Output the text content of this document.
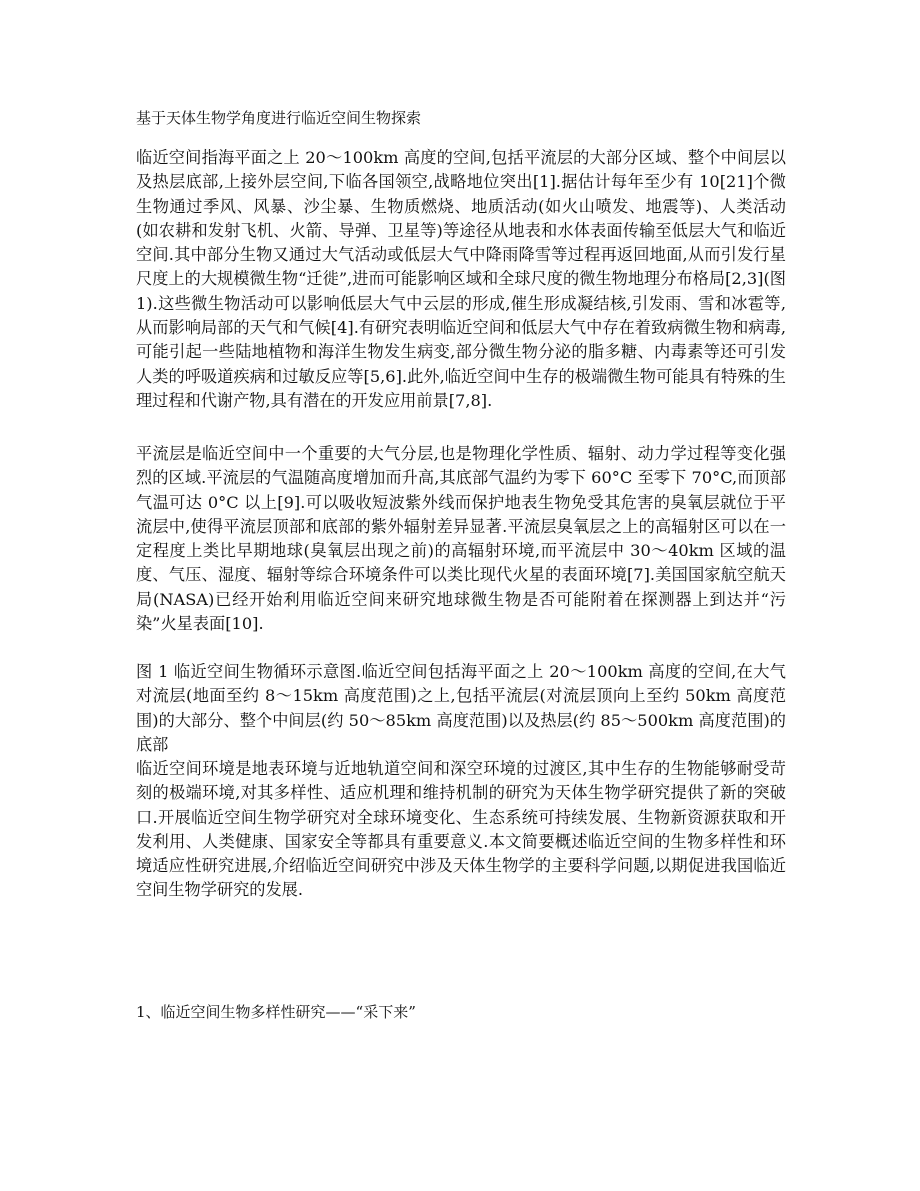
基于天体生物学角度进行临近空间生物探索

临近空间指海平面之上 20～100km 高度的空间,包括平流层的大部分区域、整个中间层以及热层底部,上接外层空间,下临各国领空,战略地位突出[1].据估计每年至少有 10[21]个微生物通过季风、风暴、沙尘暴、生物质燃烧、地质活动(如火山喷发、地震等)、人类活动(如农耕和发射飞机、火箭、导弹、卫星等)等途径从地表和水体表面传输至低层大气和临近空间.其中部分生物又通过大气活动或低层大气中降雨降雪等过程再返回地面,从而引发行星尺度上的大规模微生物“迁徙”,进而可能影响区域和全球尺度的微生物地理分布格局[2,3](图 1).这些微生物活动可以影响低层大气中云层的形成,催生形成凝结核,引发雨、雪和冰雹等,从而影响局部的天气和气候[4].有研究表明临近空间和低层大气中存在着致病微生物和病毒,可能引起一些陆地植物和海洋生物发生病变,部分微生物分泌的脂多糖、内毒素等还可引发人类的呼吸道疾病和过敏反应等[5,6].此外,临近空间中生存的极端微生物可能具有特殊的生理过程和代谢产物,具有潜在的开发应用前景[7,8].

平流层是临近空间中一个重要的大气分层,也是物理化学性质、辐射、动力学过程等变化强烈的区域.平流层的气温随高度增加而升高,其底部气温约为零下 60°C 至零下 70°C,而顶部气温可达 0°C 以上[9].可以吸收短波紫外线而保护地表生物免受其危害的臭氧层就位于平流层中,使得平流层顶部和底部的紫外辐射差异显著.平流层臭氧层之上的高辐射区可以在一定程度上类比早期地球(臭氧层出现之前)的高辐射环境,而平流层中 30～40km 区域的温度、气压、湿度、辐射等综合环境条件可以类比现代火星的表面环境[7].美国国家航空航天局(NASA)已经开始利用临近空间来研究地球微生物是否可能附着在探测器上到达并“污染”火星表面[10].

图 1 临近空间生物循环示意图.临近空间包括海平面之上 20～100km 高度的空间,在大气对流层(地面至约 8～15km 高度范围)之上,包括平流层(对流层顶向上至约 50km 高度范围)的大部分、整个中间层(约 50～85km 高度范围)以及热层(约 85～500km 高度范围)的底部

临近空间环境是地表环境与近地轨道空间和深空环境的过渡区,其中生存的生物能够耐受苛刻的极端环境,对其多样性、适应机理和维持机制的研究为天体生物学研究提供了新的突破口.开展临近空间生物学研究对全球环境变化、生态系统可持续发展、生物新资源获取和开发利用、人类健康、国家安全等都具有重要意义.本文简要概述临近空间的生物多样性和环境适应性研究进展,介绍临近空间研究中涉及天体生物学的主要科学问题,以期促进我国临近空间生物学研究的发展.

1、临近空间生物多样性研究——“采下来”
